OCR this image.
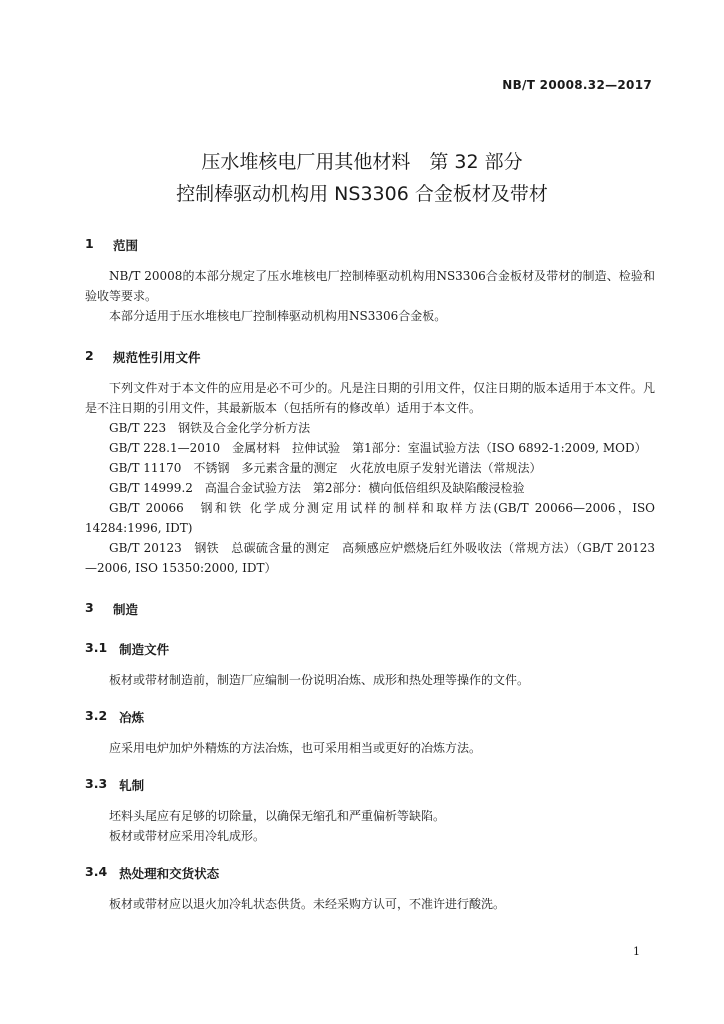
NB/T 20008.32—2017
压水堆核电厂用其他材料　第 32 部分
控制棒驱动机构用 NS3306 合金板材及带材
1 范围

NB/T 20008的本部分规定了压水堆核电厂控制棒驱动机构用NS3306合金板材及带材的制造、检验和验收等要求。

本部分适用于压水堆核电厂控制棒驱动机构用NS3306合金板。

2 规范性引用文件

下列文件对于本文件的应用是必不可少的。凡是注日期的引用文件，仅注日期的版本适用于本文件。凡是不注日期的引用文件，其最新版本（包括所有的修改单）适用于本文件。

GB/T 223　钢铁及合金化学分析方法

GB/T 228.1—2010　金属材料　拉伸试验　第1部分：室温试验方法（ISO 6892-1:2009, MOD）

GB/T 11170　不锈钢　多元素含量的测定　火花放电原子发射光谱法（常规法）

GB/T 14999.2　高温合金试验方法　第2部分：横向低倍组织及缺陷酸浸检验

GB/T 20066　钢和铁 化学成分测定用试样的制样和取样方法(GB/T 20066—2006，ISO 14284:1996, IDT)

GB/T 20123　钢铁　总碳硫含量的测定　高频感应炉燃烧后红外吸收法（常规方法）（GB/T 20123—2006, ISO 15350:2000, IDT）

3 制造
3.1 制造文件

板材或带材制造前，制造厂应编制一份说明冶炼、成形和热处理等操作的文件。

3.2 冶炼

应采用电炉加炉外精炼的方法冶炼，也可采用相当或更好的冶炼方法。

3.3 轧制

坯料头尾应有足够的切除量，以确保无缩孔和严重偏析等缺陷。

板材或带材应采用冷轧成形。

3.4 热处理和交货状态

板材或带材应以退火加冷轧状态供货。未经采购方认可，不准许进行酸洗。

1
